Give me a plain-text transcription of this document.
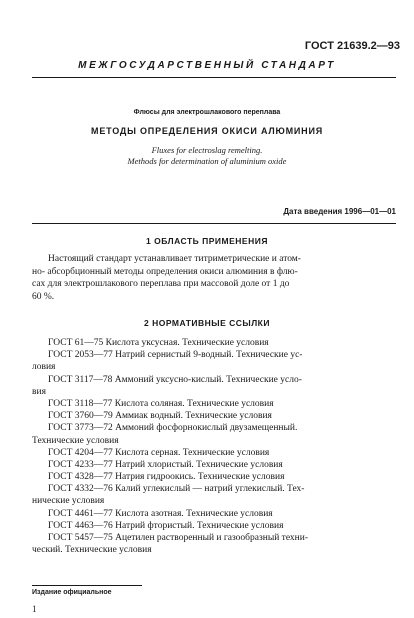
ГОСТ 21639.2—93
МЕЖГОСУДАРСТВЕННЫЙ СТАНДАРТ
Флюсы для электрошлакового переплава
МЕТОДЫ ОПРЕДЕЛЕНИЯ ОКИСИ АЛЮМИНИЯ
Fluxes for electroslag remelting.
Methods for determination of aluminium oxide
Дата введения 1996—01—01
1 ОБЛАСТЬ ПРИМЕНЕНИЯ
Настоящий стандарт устанавливает титриметрические и атом-
но- абсорбционный методы определения окиси алюминия в флю-
сах для электрошлакового переплава при массовой доле от 1 до
60 %.
2 НОРМАТИВНЫЕ ССЫЛКИ
ГОСТ 61—75 Кислота уксусная. Технические условия
ГОСТ 2053—77 Натрий сернистый 9-водный. Технические ус-
ловия
ГОСТ 3117—78 Аммоний уксусно-кислый. Технические усло-
вия
ГОСТ 3118—77 Кислота соляная. Технические условия
ГОСТ 3760—79 Аммиак водный. Технические условия
ГОСТ 3773—72 Аммоний фосфорнокислый двузамещенный.
Технические условия
ГОСТ 4204—77 Кислота серная. Технические условия
ГОСТ 4233—77 Натрий хлористый. Технические условия
ГОСТ 4328—77 Натрия гидроокись. Технические условия
ГОСТ 4332—76 Калий углекислый — натрий углекислый. Тех-
нические условия
ГОСТ 4461—77 Кислота азотная. Технические условия
ГОСТ 4463—76 Натрий фтористый. Технические условия
ГОСТ 5457—75 Ацетилен растворенный и газообразный техни-
ческий. Технические условия
Издание официальное
1
